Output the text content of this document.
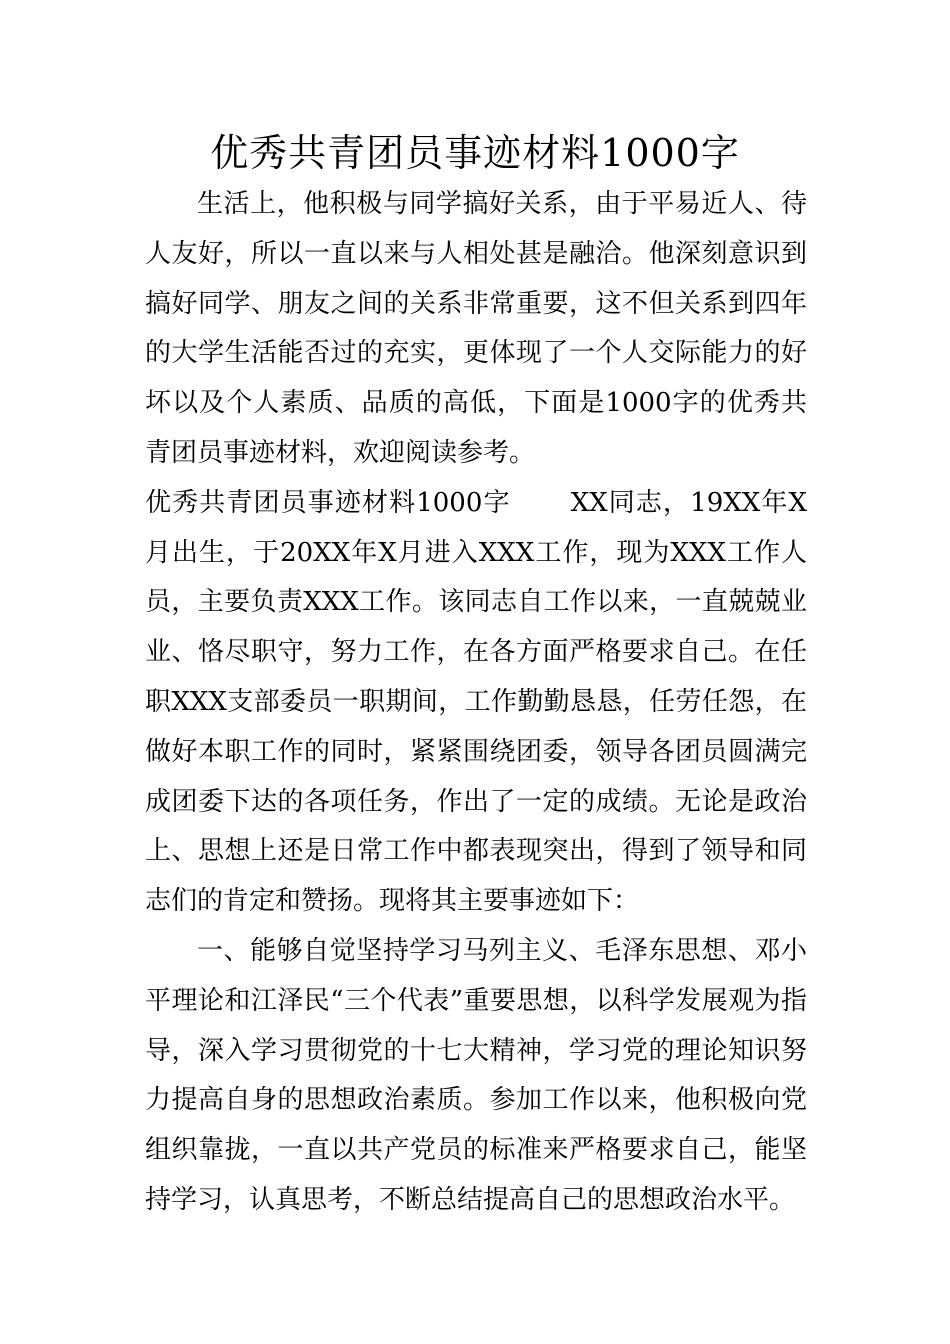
优秀共青团员事迹材料1000字

生活上，他积极与同学搞好关系，由于平易近人、待人友好，所以一直以来与人相处甚是融洽。他深刻意识到搞好同学、朋友之间的关系非常重要，这不但关系到四年的大学生活能否过的充实，更体现了一个人交际能力的好坏以及个人素质、品质的高低，下面是1000字的优秀共青团员事迹材料，欢迎阅读参考。

优秀共青团员事迹材料1000字 XX同志，19XX年X月出生，于20XX年X月进入XXX工作，现为XXX工作人员，主要负责XXX工作。该同志自工作以来，一直兢兢业业、恪尽职守，努力工作，在各方面严格要求自己。在任职XXX支部委员一职期间，工作勤勤恳恳，任劳任怨，在做好本职工作的同时，紧紧围绕团委，领导各团员圆满完成团委下达的各项任务，作出了一定的成绩。无论是政治上、思想上还是日常工作中都表现突出，得到了领导和同志们的肯定和赞扬。现将其主要事迹如下：

一、能够自觉坚持学习马列主义、毛泽东思想、邓小平理论和江泽民“三个代表”重要思想，以科学发展观为指导，深入学习贯彻党的十七大精神，学习党的理论知识努力提高自身的思想政治素质。参加工作以来，他积极向党组织靠拢，一直以共产党员的标准来严格要求自己，能坚持学习，认真思考，不断总结提高自己的思想政治水平。
